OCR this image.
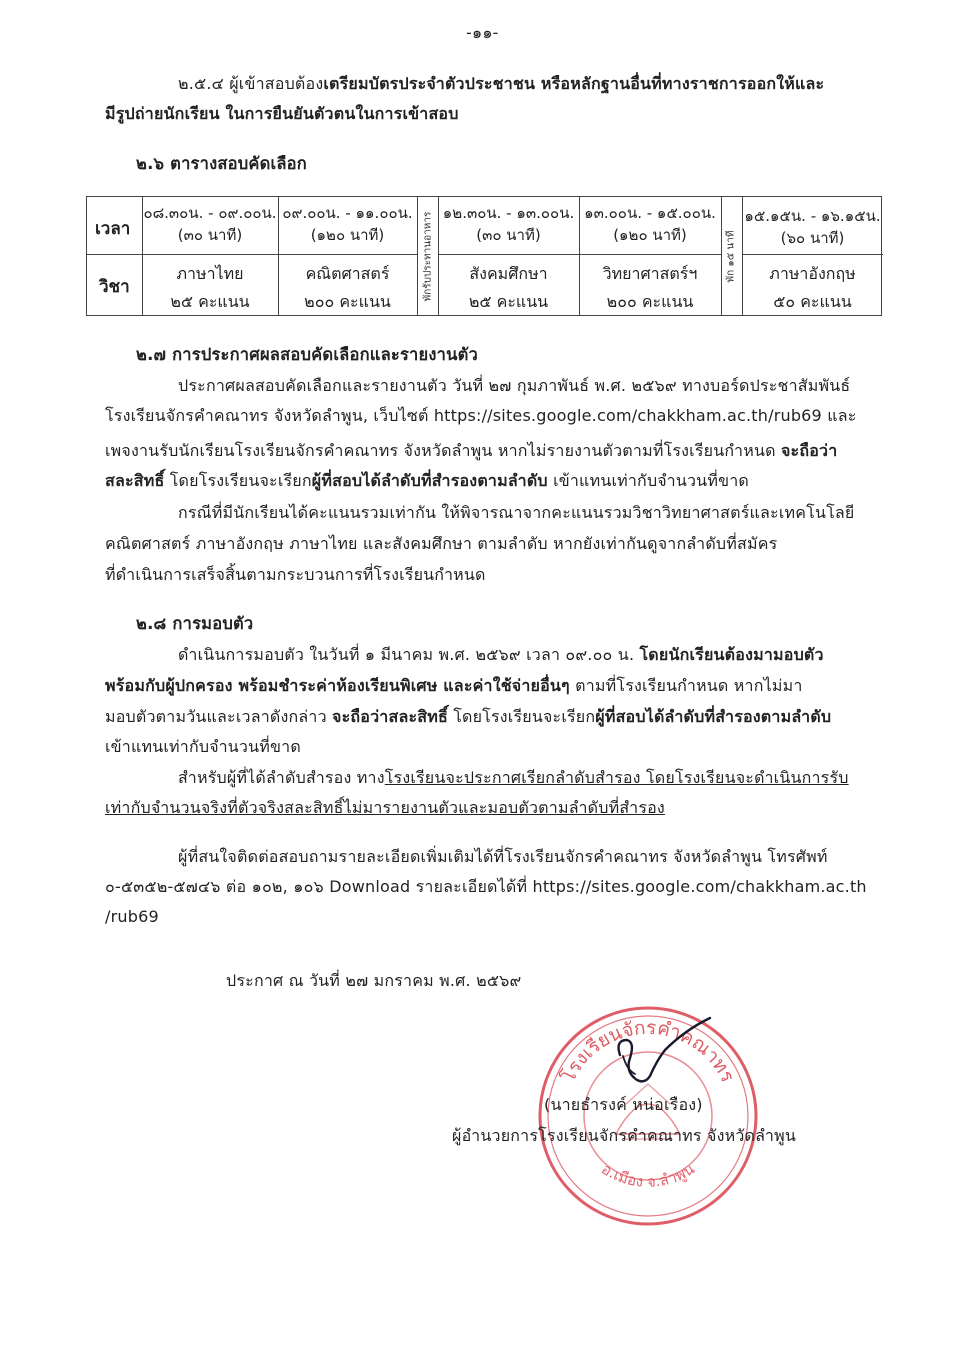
-๑๑-
๒.๕.๔ ผู้เข้าสอบต้องเตรียมบัตรประจำตัวประชาชน หรือหลักฐานอื่นที่ทางราชการออกให้และ
มีรูปถ่ายนักเรียน ในการยืนยันตัวตนในการเข้าสอบ
๒.๖ ตารางสอบคัดเลือก
เวลา
วิชา
๐๘.๓๐น. - ๐๙.๐๐น.
(๓๐ นาที)
ภาษาไทย
๒๕ คะแนน
๐๙.๐๐น. - ๑๑.๐๐น.
(๑๒๐ นาที)
คณิตศาสตร์
๒๐๐ คะแนน
พักรับประทานอาหาร ๑๒.๓๐น. - ๑๓.๐๐น.
(๓๐ นาที)
สังคมศึกษา
๒๕ คะแนน
๑๓.๐๐น. - ๑๕.๐๐น.
(๑๒๐ นาที)
วิทยาศาสตร์ฯ
๒๐๐ คะแนน
พัก ๑๕ นาที
๑๕.๑๕น. - ๑๖.๑๕น.
(๖๐ นาที)
ภาษาอังกฤษ
๕๐ คะแนน
๒.๗ การประกาศผลสอบคัดเลือกและรายงานตัว
ประกาศผลสอบคัดเลือกและรายงานตัว วันที่ ๒๗ กุมภาพันธ์ พ.ศ. ๒๕๖๙ ทางบอร์ดประชาสัมพันธ์
โรงเรียนจักรคำคณาทร จังหวัดลำพูน, เว็บไซต์ https://sites.google.com/chakkham.ac.th/rub69 และ
เพจงานรับนักเรียนโรงเรียนจักรคำคณาทร จังหวัดลำพูน หากไม่รายงานตัวตามที่โรงเรียนกำหนด จะถือว่า
สละสิทธิ์ โดยโรงเรียนจะเรียกผู้ที่สอบได้ลำดับที่สำรองตามลำดับ เข้าแทนเท่ากับจำนวนที่ขาด
กรณีที่มีนักเรียนได้คะแนนรวมเท่ากัน ให้พิจารณาจากคะแนนรวมวิชาวิทยาศาสตร์และเทคโนโลยี
คณิตศาสตร์ ภาษาอังกฤษ ภาษาไทย และสังคมศึกษา ตามลำดับ หากยังเท่ากันดูจากลำดับที่สมัคร
ที่ดำเนินการเสร็จสิ้นตามกระบวนการที่โรงเรียนกำหนด
๒.๘ การมอบตัว
ดำเนินการมอบตัว ในวันที่ ๑ มีนาคม พ.ศ. ๒๕๖๙ เวลา ๐๙.๐๐ น. โดยนักเรียนต้องมามอบตัว
พร้อมกับผู้ปกครอง พร้อมชำระค่าห้องเรียนพิเศษ และค่าใช้จ่ายอื่นๆ ตามที่โรงเรียนกำหนด หากไม่มา
มอบตัวตามวันและเวลาดังกล่าว จะถือว่าสละสิทธิ์ โดยโรงเรียนจะเรียกผู้ที่สอบได้ลำดับที่สำรองตามลำดับ
เข้าแทนเท่ากับจำนวนที่ขาด
สำหรับผู้ที่ได้ลำดับสำรอง ทางโรงเรียนจะประกาศเรียกลำดับสำรอง โดยโรงเรียนจะดำเนินการรับ
เท่ากับจำนวนจริงที่ตัวจริงสละสิทธิ์ไม่มารายงานตัวและมอบตัวตามลำดับที่สำรอง
ผู้ที่สนใจติดต่อสอบถามรายละเอียดเพิ่มเติมได้ที่โรงเรียนจักรคำคณาทร จังหวัดลำพูน โทรศัพท์
๐-๕๓๕๒-๕๗๔๖ ต่อ ๑๐๒, ๑๐๖ Download รายละเอียดได้ที่ https://sites.google.com/chakkham.ac.th
/rub69
ประกาศ ณ วันที่ ๒๗ มกราคม พ.ศ. ๒๕๖๙
โรงเรียนจักรคำคณาทร
อ.เมือง จ.ลำพูน
(นายธำรงค์ หน่อเรือง)
ผู้อำนวยการโรงเรียนจักรคำคณาทร จังหวัดลำพูน
